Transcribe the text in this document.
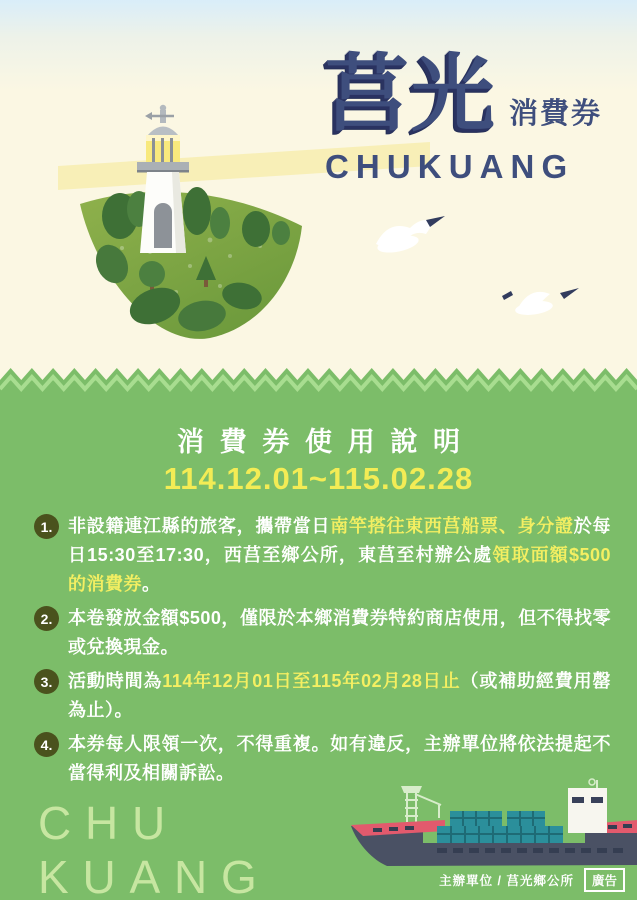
莒光 消費券
CHUKUANG
消費券使用說明
114.12.01~115.02.28
1. 非設籍連江縣的旅客，攜帶當日南竿搭往東西莒船票、身分證於每日15:30至17:30，西莒至鄉公所，東莒至村辦公處領取面額$500的消費券。
2. 本卷發放金額$500，僅限於本鄉消費券特約商店使用，但不得找零或兌換現金。
3. 活動時間為114年12月01日至115年02月28日止（或補助經費用罄為止）。
4. 本券每人限領一次，不得重複。如有違反，主辦單位將依法提起不當得利及相關訴訟。
CHU
KUANG	主辦單位 / 莒光鄉公所	廣告
